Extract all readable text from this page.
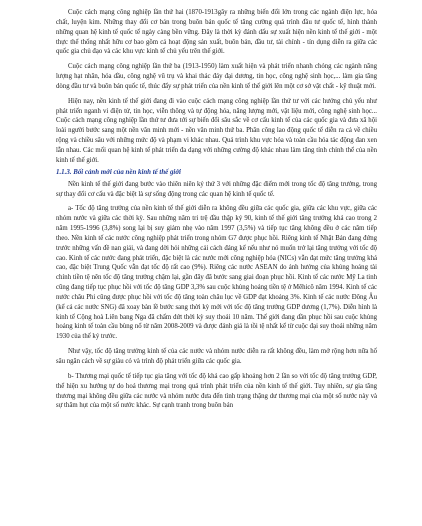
Cuộc cách mạng công nghiệp lần thứ hai (1870-1913gây ra những biến đổi lớn trong các ngành điện lực, hóa chất, luyện kim. Những thay đổi cơ bản trong buôn bán quốc tế tăng cường quá trình đầu tư quốc tế, hình thành những quan hệ kinh tế quốc tế ngày càng bền vững. Đây là thời kỳ đánh dấu sự xuất hiện nền kinh tế thế giới - một thực thể thống nhất hữu cơ bao gồm cả hoạt động sản xuất, buôn bán, đầu tư, tài chính - tín dụng diễn ra giữa các quốc gia chủ đạo và các khu vực kinh tế chủ yếu trên thế giới.

Cuộc cách mạng công nghiệp lần thứ ba (1913-1950) làm xuất hiện và phát triển nhanh chóng các ngành năng lượng hạt nhân, hóa dầu, công nghệ vũ trụ và khai thác đáy đại dương, tin học, công nghệ sinh học,... làm gia tăng dòng đầu tư và buôn bán quốc tế, thúc đẩy sự phát triển của nền kinh tế thế giới lên một cơ sở vật chất - kỹ thuật mới.

Hiện nay, nền kinh tế thế giới đang đi vào cuộc cách mạng công nghiệp lần thứ tư với các hướng chủ yếu như phát triển nganh vi điện tử, tin học, viễn thông và tự động hóa, năng lượng mới, vật liệu mới, công nghệ sinh học... Cuộc cách mạng công nghiệp lần thứ tư đưa tới sự biến đổi sâu sắc về cơ cấu kinh tế của các quốc gia và đưa xã hội loài người bước sang một nền văn minh mới - nền văn minh thứ ba. Phân công lao động quốc tế diễn ra cả về chiều rộng và chiều sâu với những mức độ và phạm vi khác nhau. Quá trình khu vực hóa và toàn cầu hóa tác động đan xen lẫn nhau. Các mối quan hệ kinh tế phát triển đa dạng với những cường độ khác nhau làm tăng tính chỉnh thể của nền kinh tế thế giới.

1.1.3. Bối cảnh mới của nền kinh tế thế giới

Nền kinh tế thế giới đang bước vào thiên niên kỷ thứ 3 với những đặc điểm mới trong tốc độ tăng trưởng, trong sự thay đổi cơ cấu và đặc biệt là sự sống động trong các quan hệ kinh tế quốc tế.

a- Tốc độ tăng trưởng của nền kinh tế thế giới diễn ra không đều giữa các quốc gia, giữa các khu vực, giữa các nhóm nước và giữa các thời kỳ. Sau những năm tri trệ đầu thập kỷ 90, kinh tế thế giới tăng trưởng khá cao trong 2 năm 1995-1996 (3,8%) song lại bị suy giảm nhẹ vào năm 1997 (3,5%) và tiếp tục tăng không đều ở các năm tiếp theo. Nền kinh tế các nước công nghiệp phát triển trong nhóm G7 được phục hồi. Riêng kinh tế Nhật Bản đang đứng trước những vấn đề nan giải, và đang dời hỏi những cải cách đáng kể nếu như nó muốn trở lại tăng trưởng với tốc độ cao. Kinh tế các nước đang phát triển, đặc biệt là các nước mới công nghiệp hóa (NICs) vẫn đạt mức tăng trưởng khá cao, đặc biệt Trung Quốc vẫn đạt tốc độ rất cao (9%). Riêng các nước ASEAN do ảnh hưởng của khủng hoảng tài chính tiền tệ nên tốc độ tăng trưởng chậm lại, gần đây đã bước sang giai đoạn phục hồi. Kinh tế các nước Mỹ La tinh cũng đang tiếp tục phục hồi với tốc độ tăng GDP 3,3% sau cuộc khủng hoảng tiền tệ ở Mêhicô năm 1994. Kinh tế các nước châu Phi cũng được phục hồi với tốc độ tăng toàn châu lục về GDP đạt khoảng 3%. Kinh tế các nước Đông Âu (kể cả các nước SNG) đã xoay bàn lề bước sang thời kỳ mới với tốc độ tăng trưởng GDP dương (1,7%). Diễn hình là kinh tế Cộng hoà Liên bang Nga đã chấm dứt thời kỳ suy thoái 10 năm. Thế giới đang dần phục hồi sau cuộc khủng hoảng kinh tế toàn cầu bùng nổ từ năm 2008-2009 và được đánh giá là tồi tệ nhất kể từ cuộc đại suy thoái những năm 1930 của thế kỷ trước.

Như vậy, tốc độ tăng trưởng kinh tế của các nước và nhóm nước diễn ra rất không đều, làm mở rộng hơn nữa hố sâu ngăn cách về sự giàu có và trình độ phát triển giữa các quốc gia.

b- Thương mại quốc tế tiếp tục gia tăng với tốc độ khá cao gấp khoảng hơn 2 lần so với tốc độ tăng trưởng GDP, thể hiện xu hướng tự do hoá thương mại trong quá trình phát triển của nền kinh tế thế giới. Tuy nhiên, sự gia tăng thương mại không đều giữa các nước và nhóm nước đưa đến tình trạng thặng dư thương mại của một số nước này và sự thâm hụt của một số nước khác. Sự cạnh tranh trong buôn bán
